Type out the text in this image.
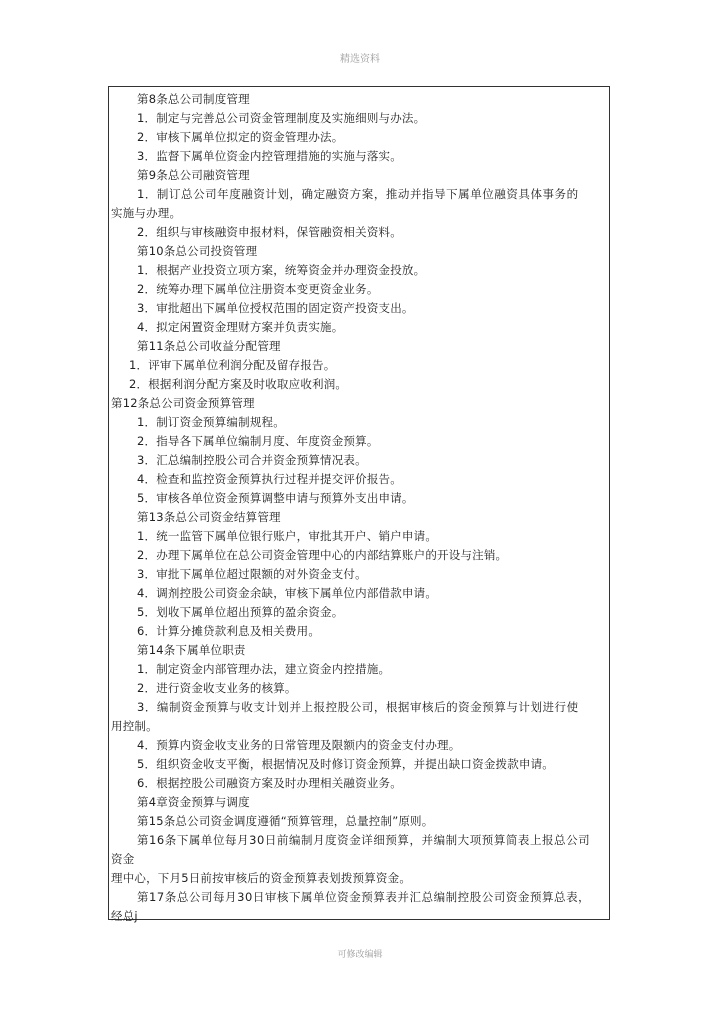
精选资料
第8条总公司制度管理
1．制定与完善总公司资金管理制度及实施细则与办法。
2．审核下属单位拟定的资金管理办法。
3．监督下属单位资金内控管理措施的实施与落实。
第9条总公司融资管理
1．制订总公司年度融资计划，确定融资方案，推动并指导下属单位融资具体事务的
实施与办理。
2．组织与审核融资申报材料，保管融资相关资料。
第10条总公司投资管理
1．根据产业投资立项方案，统筹资金并办理资金投放。
2．统筹办理下属单位注册资本变更资金业务。
3．审批超出下属单位授权范围的固定资产投资支出。
4．拟定闲置资金理财方案并负责实施。
第11条总公司收益分配管理
1．评审下属单位利润分配及留存报告。
2．根据利润分配方案及时收取应收利润。
第12条总公司资金预算管理
1．制订资金预算编制规程。
2．指导各下属单位编制月度、年度资金预算。
3．汇总编制控股公司合并资金预算情况表。
4．检查和监控资金预算执行过程并提交评价报告。
5．审核各单位资金预算调整申请与预算外支出申请。
第13条总公司资金结算管理
1．统一监管下属单位银行账户，审批其开户、销户申请。
2．办理下属单位在总公司资金管理中心的内部结算账户的开设与注销。
3．审批下属单位超过限额的对外资金支付。
4．调剂控股公司资金余缺，审核下属单位内部借款申请。
5．划收下属单位超出预算的盈余资金。
6．计算分摊贷款利息及相关费用。
第14条下属单位职责
1．制定资金内部管理办法，建立资金内控措施。
2．进行资金收支业务的核算。
3．编制资金预算与收支计划并上报控股公司，根据审核后的资金预算与计划进行使
用控制。
4．预算内资金收支业务的日常管理及限额内的资金支付办理。
5．组织资金收支平衡，根据情况及时修订资金预算，并提出缺口资金拨款申请。
6．根据控股公司融资方案及时办理相关融资业务。
第4章资金预算与调度
第15条总公司资金调度遵循“预算管理，总量控制”原则。
第16条下属单位每月30日前编制月度资金详细预算，并编制大项预算简表上报总公司
资金
理中心，下月5日前按审核后的资金预算表划拨预算资金。
第17条总公司每月30日审核下属单位资金预算表并汇总编制控股公司资金预算总表，
经总j
可修改编辑
